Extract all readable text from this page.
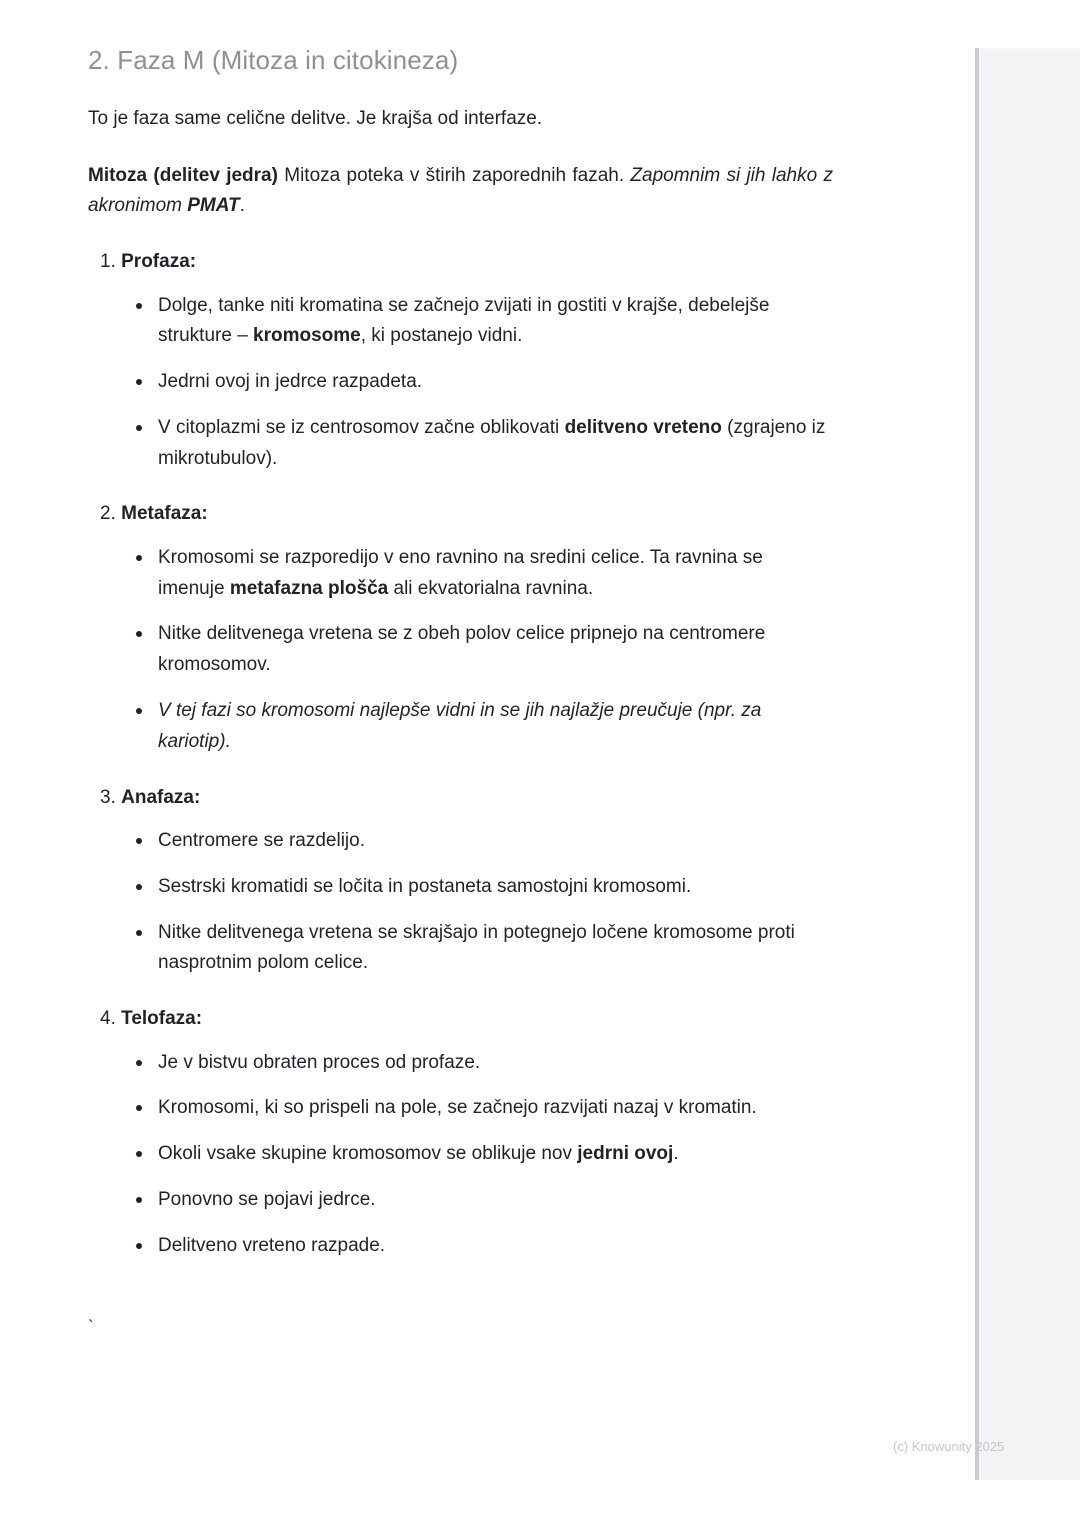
2. Faza M (Mitoza in citokineza)

To je faza same celične delitve. Je krajša od interfaze.

Mitoza (delitev jedra) Mitoza poteka v štirih zaporednih fazah. Zapomnim si jih lahko z akronimom PMAT.

1. Profaza:
Dolge, tanke niti kromatina se začnejo zvijati in gostiti v krajše, debelejše strukture – kromosome, ki postanejo vidni.
Jedrni ovoj in jedrce razpadeta.
V citoplazmi se iz centrosomov začne oblikovati delitveno vreteno (zgrajeno iz mikrotubulov).
2. Metafaza:
Kromosomi se razporedijo v eno ravnino na sredini celice. Ta ravnina se imenuje metafazna plošča ali ekvatorialna ravnina.
Nitke delitvenega vretena se z obeh polov celice pripnejo na centromere kromosomov.
V tej fazi so kromosomi najlepše vidni in se jih najlažje preučuje (npr. za kariotip).
3. Anafaza:
Centromere se razdelijo.
Sestrski kromatidi se ločita in postaneta samostojni kromosomi.
Nitke delitvenega vretena se skrajšajo in potegnejo ločene kromosome proti nasprotnim polom celice.
4. Telofaza:
Je v bistvu obraten proces od profaze.
Kromosomi, ki so prispeli na pole, se začnejo razvijati nazaj v kromatin.
Okoli vsake skupine kromosomov se oblikuje nov jedrni ovoj.
Ponovno se pojavi jedrce.
Delitveno vreteno razpade.
`
(c) Knowunity 2025
